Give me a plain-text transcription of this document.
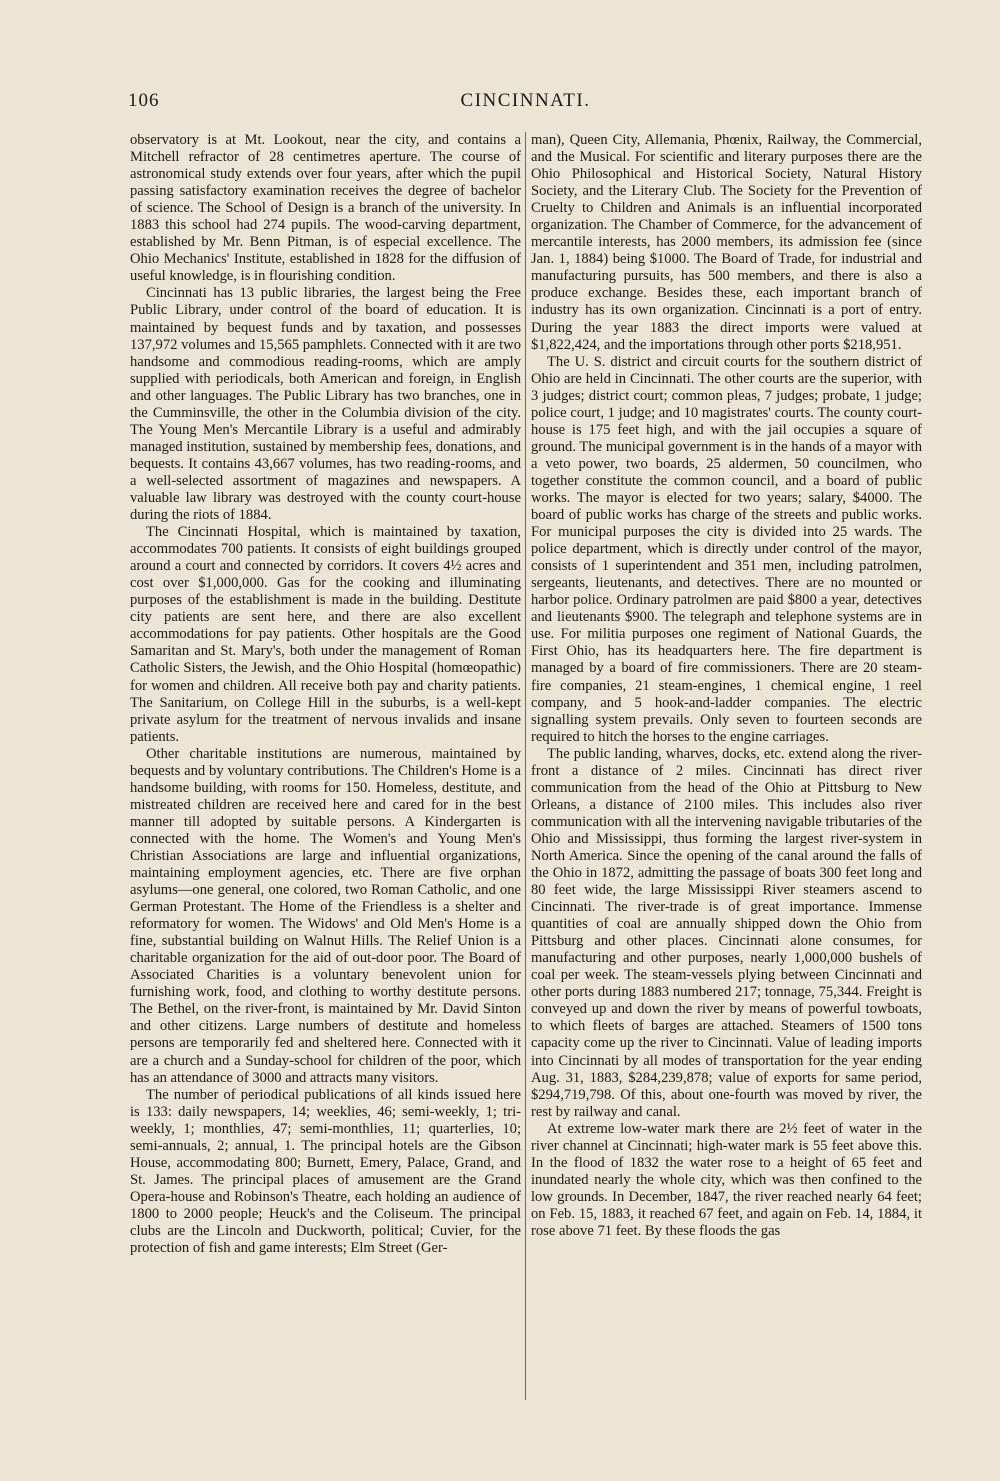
106	CINCINNATI.

observatory is at Mt. Lookout, near the city, and contains a Mitchell refractor of 28 centimetres aperture. The course of astronomical study extends over four years, after which the pupil passing satisfactory examination receives the degree of bachelor of science. The School of Design is a branch of the university. In 1883 this school had 274 pupils. The wood-carving department, established by Mr. Benn Pitman, is of especial excellence. The Ohio Mechanics' Institute, established in 1828 for the diffusion of useful knowledge, is in flourishing condition.

Cincinnati has 13 public libraries, the largest being the Free Public Library, under control of the board of education. It is maintained by bequest funds and by taxation, and possesses 137,972 volumes and 15,565 pamphlets. Connected with it are two handsome and commodious reading-rooms, which are amply supplied with periodicals, both American and foreign, in English and other languages. The Public Library has two branches, one in the Cumminsville, the other in the Columbia division of the city. The Young Men's Mercantile Library is a useful and admirably managed institution, sustained by membership fees, donations, and bequests. It contains 43,667 volumes, has two reading-rooms, and a well-selected assortment of magazines and newspapers. A valuable law library was destroyed with the county court-house during the riots of 1884.

The Cincinnati Hospital, which is maintained by taxation, accommodates 700 patients. It consists of eight buildings grouped around a court and connected by corridors. It covers 4½ acres and cost over $1,000,000. Gas for the cooking and illuminating purposes of the establishment is made in the building. Destitute city patients are sent here, and there are also excellent accommodations for pay patients. Other hospitals are the Good Samaritan and St. Mary's, both under the management of Roman Catholic Sisters, the Jewish, and the Ohio Hospital (homœopathic) for women and children. All receive both pay and charity patients. The Sanitarium, on College Hill in the suburbs, is a well-kept private asylum for the treatment of nervous invalids and insane patients.

Other charitable institutions are numerous, maintained by bequests and by voluntary contributions. The Children's Home is a handsome building, with rooms for 150. Homeless, destitute, and mistreated children are received here and cared for in the best manner till adopted by suitable persons. A Kindergarten is connected with the home. The Women's and Young Men's Christian Associations are large and influential organizations, maintaining employment agencies, etc. There are five orphan asylums—one general, one colored, two Roman Catholic, and one German Protestant. The Home of the Friendless is a shelter and reformatory for women. The Widows' and Old Men's Home is a fine, substantial building on Walnut Hills. The Relief Union is a charitable organization for the aid of out-door poor. The Board of Associated Charities is a voluntary benevolent union for furnishing work, food, and clothing to worthy destitute persons. The Bethel, on the river-front, is maintained by Mr. David Sinton and other citizens. Large numbers of destitute and homeless persons are temporarily fed and sheltered here. Connected with it are a church and a Sunday-school for children of the poor, which has an attendance of 3000 and attracts many visitors.

The number of periodical publications of all kinds issued here is 133: daily newspapers, 14; weeklies, 46; semi-weekly, 1; tri-weekly, 1; monthlies, 47; semi-monthlies, 11; quarterlies, 10; semi-annuals, 2; annual, 1. The principal hotels are the Gibson House, accommodating 800; Burnett, Emery, Palace, Grand, and St. James. The principal places of amusement are the Grand Opera-house and Robinson's Theatre, each holding an audience of 1800 to 2000 people; Heuck's and the Coliseum. The principal clubs are the Lincoln and Duckworth, political; Cuvier, for the protection of fish and game interests; Elm Street (Ger-

man), Queen City, Allemania, Phœnix, Railway, the Commercial, and the Musical. For scientific and literary purposes there are the Ohio Philosophical and Historical Society, Natural History Society, and the Literary Club. The Society for the Prevention of Cruelty to Children and Animals is an influential incorporated organization. The Chamber of Commerce, for the advancement of mercantile interests, has 2000 members, its admission fee (since Jan. 1, 1884) being $1000. The Board of Trade, for industrial and manufacturing pursuits, has 500 members, and there is also a produce exchange. Besides these, each important branch of industry has its own organization. Cincinnati is a port of entry. During the year 1883 the direct imports were valued at $1,822,424, and the importations through other ports $218,951.

The U. S. district and circuit courts for the southern district of Ohio are held in Cincinnati. The other courts are the superior, with 3 judges; district court; common pleas, 7 judges; probate, 1 judge; police court, 1 judge; and 10 magistrates' courts. The county court-house is 175 feet high, and with the jail occupies a square of ground. The municipal government is in the hands of a mayor with a veto power, two boards, 25 aldermen, 50 councilmen, who together constitute the common council, and a board of public works. The mayor is elected for two years; salary, $4000. The board of public works has charge of the streets and public works. For municipal purposes the city is divided into 25 wards. The police department, which is directly under control of the mayor, consists of 1 superintendent and 351 men, including patrolmen, sergeants, lieutenants, and detectives. There are no mounted or harbor police. Ordinary patrolmen are paid $800 a year, detectives and lieutenants $900. The telegraph and telephone systems are in use. For militia purposes one regiment of National Guards, the First Ohio, has its headquarters here. The fire department is managed by a board of fire commissioners. There are 20 steam-fire companies, 21 steam-engines, 1 chemical engine, 1 reel company, and 5 hook-and-ladder companies. The electric signalling system prevails. Only seven to fourteen seconds are required to hitch the horses to the engine carriages.

The public landing, wharves, docks, etc. extend along the river-front a distance of 2 miles. Cincinnati has direct river communication from the head of the Ohio at Pittsburg to New Orleans, a distance of 2100 miles. This includes also river communication with all the intervening navigable tributaries of the Ohio and Mississippi, thus forming the largest river-system in North America. Since the opening of the canal around the falls of the Ohio in 1872, admitting the passage of boats 300 feet long and 80 feet wide, the large Mississippi River steamers ascend to Cincinnati. The river-trade is of great importance. Immense quantities of coal are annually shipped down the Ohio from Pittsburg and other places. Cincinnati alone consumes, for manufacturing and other purposes, nearly 1,000,000 bushels of coal per week. The steam-vessels plying between Cincinnati and other ports during 1883 numbered 217; tonnage, 75,344. Freight is conveyed up and down the river by means of powerful towboats, to which fleets of barges are attached. Steamers of 1500 tons capacity come up the river to Cincinnati. Value of leading imports into Cincinnati by all modes of transportation for the year ending Aug. 31, 1883, $284,239,878; value of exports for same period, $294,719,798. Of this, about one-fourth was moved by river, the rest by railway and canal.

At extreme low-water mark there are 2½ feet of water in the river channel at Cincinnati; high-water mark is 55 feet above this. In the flood of 1832 the water rose to a height of 65 feet and inundated nearly the whole city, which was then confined to the low grounds. In December, 1847, the river reached nearly 64 feet; on Feb. 15, 1883, it reached 67 feet, and again on Feb. 14, 1884, it rose above 71 feet. By these floods the gas
